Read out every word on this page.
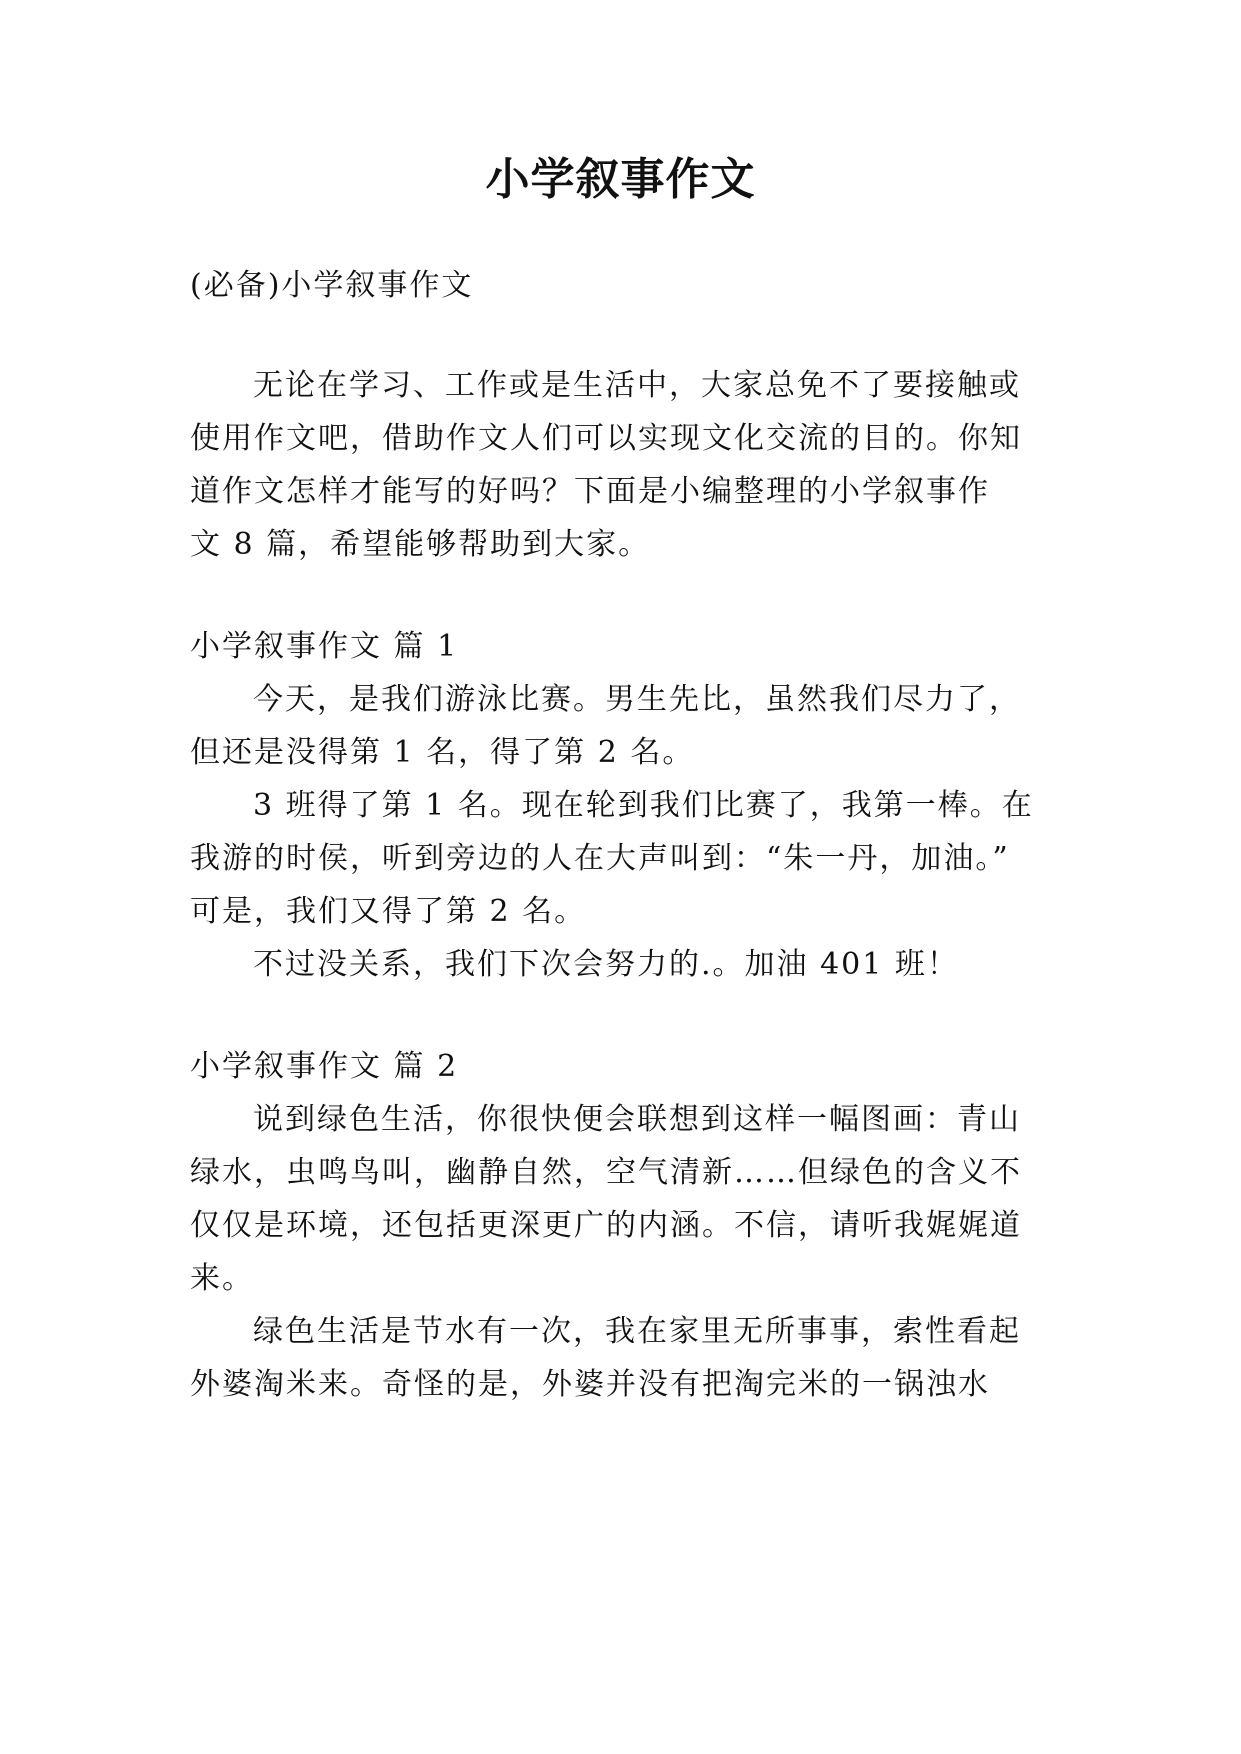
小学叙事作文
(必备)小学叙事作文
无论在学习、工作或是生活中，大家总免不了要接触或
使用作文吧，借助作文人们可以实现文化交流的目的。你知
道作文怎样才能写的好吗？下面是小编整理的小学叙事作
文 8 篇，希望能够帮助到大家。
小学叙事作文 篇 1
今天，是我们游泳比赛。男生先比，虽然我们尽力了，
但还是没得第 1 名，得了第 2 名。
3 班得了第 1 名。现在轮到我们比赛了，我第一棒。在
我游的时侯，听到旁边的人在大声叫到：“朱一丹，加油。”
可是，我们又得了第 2 名。
不过没关系，我们下次会努力的.。加油 401 班！
小学叙事作文 篇 2
说到绿色生活，你很快便会联想到这样一幅图画：青山
绿水，虫鸣鸟叫，幽静自然，空气清新……但绿色的含义不
仅仅是环境，还包括更深更广的内涵。不信，请听我娓娓道
来。
绿色生活是节水有一次，我在家里无所事事，索性看起
外婆淘米来。奇怪的是，外婆并没有把淘完米的一锅浊水
